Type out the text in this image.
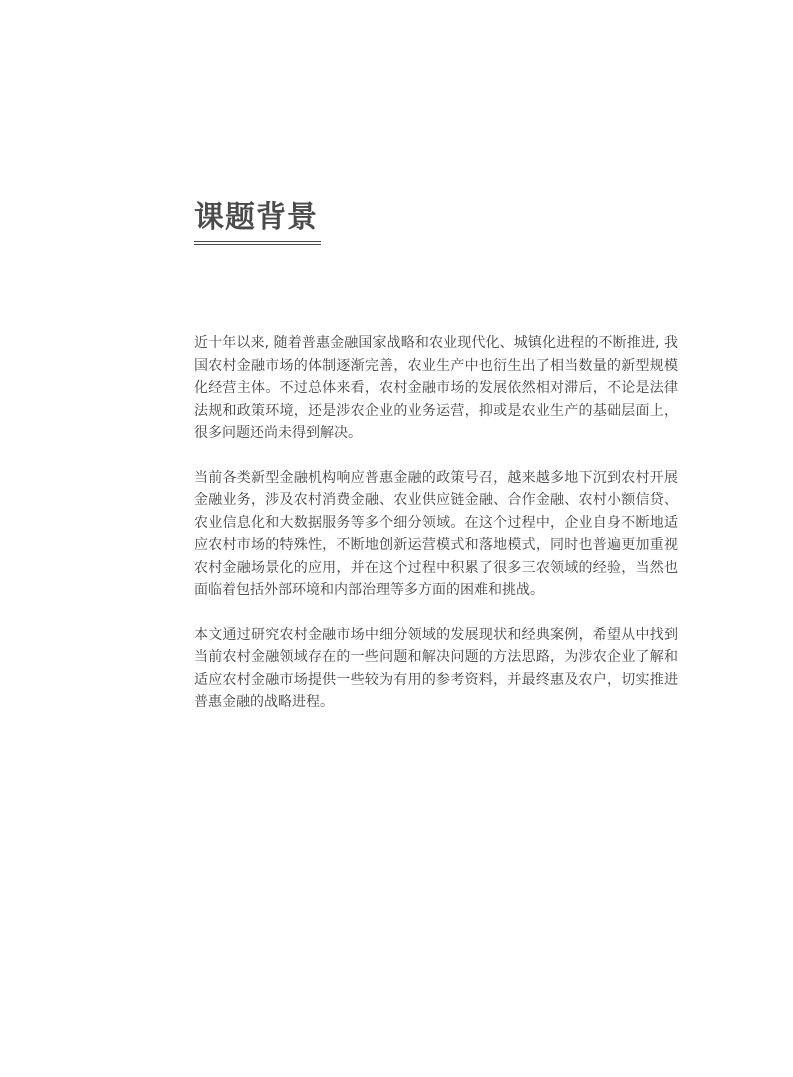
课题背景

近十年以来, 随着普惠金融国家战略和农业现代化、城镇化进程的不断推进, 我国农村金融市场的体制逐渐完善，农业生产中也衍生出了相当数量的新型规模化经营主体。不过总体来看，农村金融市场的发展依然相对滞后，不论是法律法规和政策环境，还是涉农企业的业务运营，抑或是农业生产的基础层面上，很多问题还尚未得到解决。

当前各类新型金融机构响应普惠金融的政策号召，越来越多地下沉到农村开展金融业务，涉及农村消费金融、农业供应链金融、合作金融、农村小额信贷、农业信息化和大数据服务等多个细分领域。在这个过程中，企业自身不断地适应农村市场的特殊性，不断地创新运营模式和落地模式，同时也普遍更加重视农村金融场景化的应用，并在这个过程中积累了很多三农领域的经验，当然也面临着包括外部环境和内部治理等多方面的困难和挑战。

本文通过研究农村金融市场中细分领域的发展现状和经典案例，希望从中找到当前农村金融领域存在的一些问题和解决问题的方法思路，为涉农企业了解和适应农村金融市场提供一些较为有用的参考资料，并最终惠及农户，切实推进普惠金融的战略进程。
